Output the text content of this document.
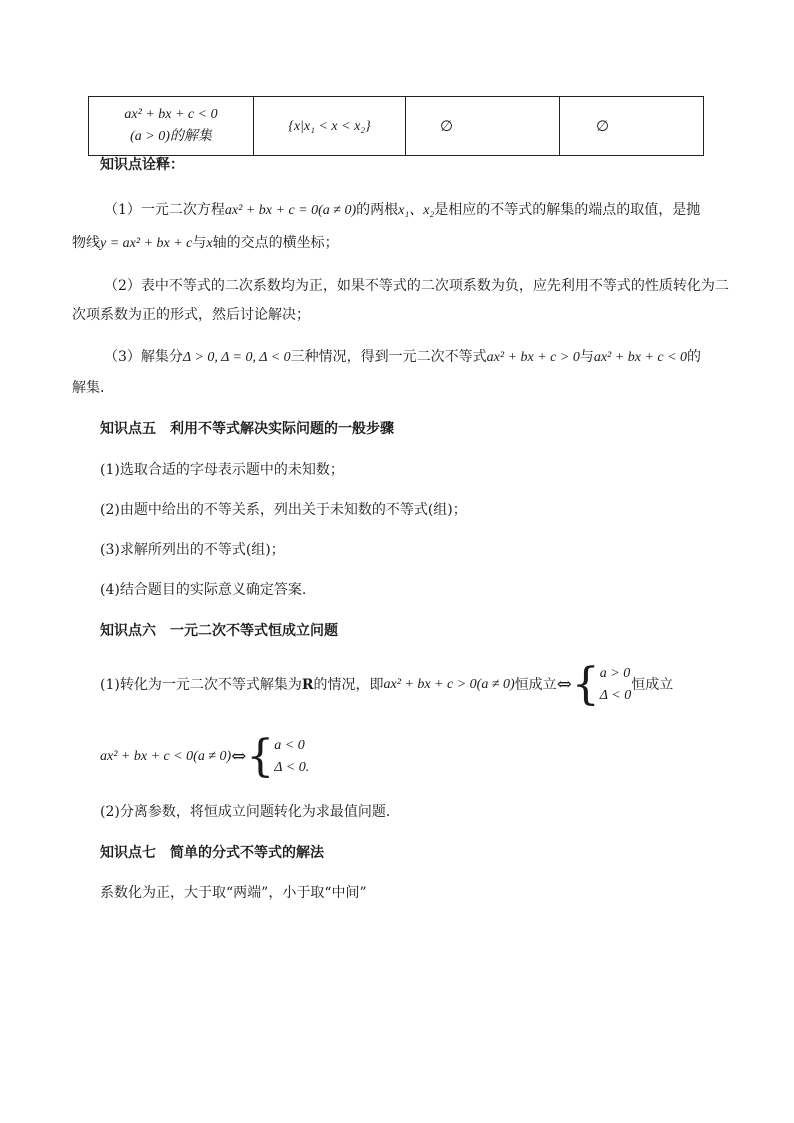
ax² + bx + c < 0
(a > 0)的解集
	{x|x₁ < x < x₂}	∅	∅
知识点诠释：
（1）一元二次方程ax² + bx + c = 0(a ≠ 0)的两根x₁、x₂是相应的不等式的解集的端点的取值，是抛
物线y = ax² + bx + c与x轴的交点的横坐标；
（2）表中不等式的二次系数均为正，如果不等式的二次项系数为负，应先利用不等式的性质转化为二
次项系数为正的形式，然后讨论解决；
（3）解集分Δ > 0, Δ = 0, Δ < 0三种情况，得到一元二次不等式ax² + bx + c > 0与ax² + bx + c < 0的
解集.
知识点五　利用不等式解决实际问题的一般步骤
(1)选取合适的字母表示题中的未知数；
(2)由题中给出的不等关系，列出关于未知数的不等式(组)；
(3)求解所列出的不等式(组)；
(4)结合题目的实际意义确定答案.
知识点六　一元二次不等式恒成立问题
(1)转化为一元二次不等式解集为 R 的情况，即 ax² + bx + c > 0(a ≠ 0) 恒成立 ⇔ { a > 0
Δ < 0
恒成立
ax² + bx + c < 0(a ≠ 0) ⇔ { a < 0
Δ < 0.
(2)分离参数，将恒成立问题转化为求最值问题.
知识点七　简单的分式不等式的解法
系数化为正，大于取“两端”，小于取“中间”
